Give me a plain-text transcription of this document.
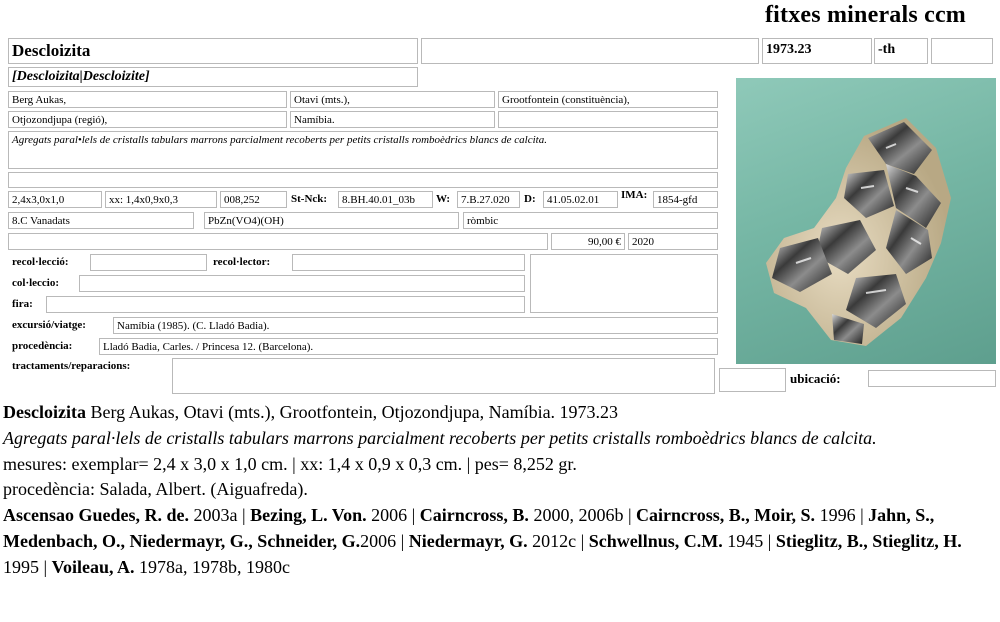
fitxes minerals ccm
Descloizita	1973.23	-th
[Descloizita|Descloizite]
Berg Aukas,	Otavi (mts.),	Grootfontein (constituència),
Otjozondjupa (regió),	Namíbia.
Agregats paral•lels de cristalls tabulars marrons parcialment recoberts per petits cristalls romboèdrics blancs de calcita.
2,4x3,0x1,0	xx: 1,4x0,9x0,3	008,252	St-Nck:	8.BH.40.01_03b	W: 7.B.27.020	D:	41.05.02.01	IMA: 1854-gfd
8.C Vanadats	PbZn(VO4)(OH)	ròmbic
90,00 €	2020
recol·lecció:	recol·lector:
col·leccio:
fira:
excursió/viatge:	Namíbia (1985). (C. Lladó Badia).
procedència:	Lladó Badia, Carles. / Princesa 12. (Barcelona).
tractaments/reparacions:
ubicació:

Descloizita Berg Aukas, Otavi (mts.), Grootfontein, Otjozondjupa, Namíbia. 1973.23

Agregats paral·lels de cristalls tabulars marrons parcialment recoberts per petits cristalls romboèdrics blancs de calcita.

mesures: exemplar= 2,4 x 3,0 x 1,0 cm. | xx: 1,4 x 0,9 x 0,3 cm. | pes= 8,252 gr.

procedència: Salada, Albert. (Aiguafreda).

Ascensao Guedes, R. de. 2003a | Bezing, L. Von. 2006 | Cairncross, B. 2000, 2006b | Cairncross, B., Moir, S. 1996 | Jahn, S., Medenbach, O., Niedermayr, G., Schneider, G.2006 | Niedermayr, G. 2012c | Schwellnus, C.M. 1945 | Stieglitz, B., Stieglitz, H. 1995 | Voileau, A. 1978a, 1978b, 1980c
